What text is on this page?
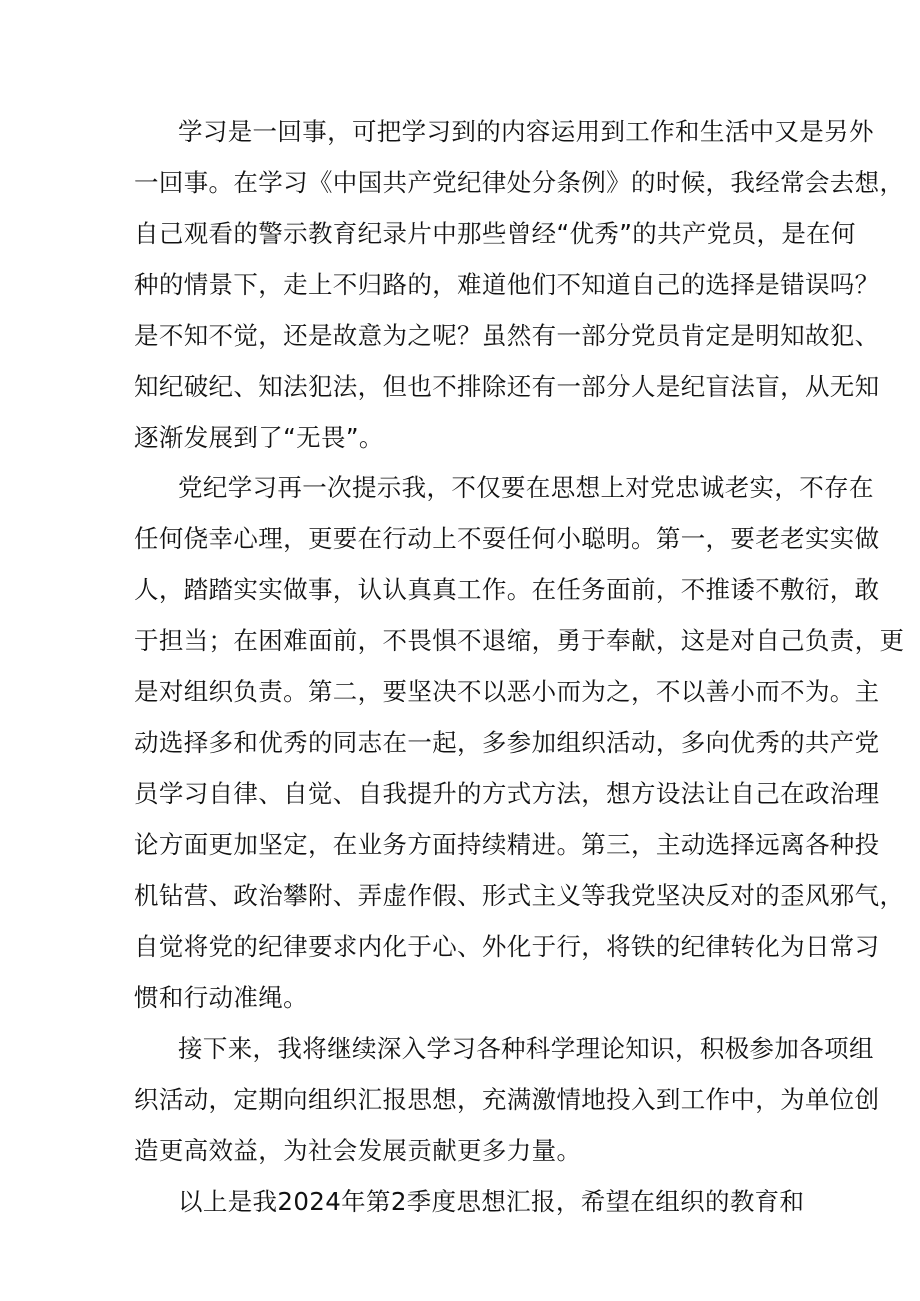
学习是一回事，可把学习到的内容运用到工作和生活中又是另外
一回事。在学习《中国共产党纪律处分条例》的时候，我经常会去想，
自己观看的警示教育纪录片中那些曾经“优秀”的共产党员，是在何
种的情景下，走上不归路的，难道他们不知道自己的选择是错误吗？
是不知不觉，还是故意为之呢？虽然有一部分党员肯定是明知故犯、
知纪破纪、知法犯法，但也不排除还有一部分人是纪盲法盲，从无知
逐渐发展到了“无畏”。
党纪学习再一次提示我，不仅要在思想上对党忠诚老实，不存在
任何侥幸心理，更要在行动上不耍任何小聪明。第一，要老老实实做
人，踏踏实实做事，认认真真工作。在任务面前，不推诿不敷衍，敢
于担当；在困难面前，不畏惧不退缩，勇于奉献，这是对自己负责，更
是对组织负责。第二，要坚决不以恶小而为之，不以善小而不为。主
动选择多和优秀的同志在一起，多参加组织活动，多向优秀的共产党
员学习自律、自觉、自我提升的方式方法，想方设法让自己在政治理
论方面更加坚定，在业务方面持续精进。第三，主动选择远离各种投
机钻营、政治攀附、弄虚作假、形式主义等我党坚决反对的歪风邪气，
自觉将党的纪律要求内化于心、外化于行，将铁的纪律转化为日常习
惯和行动准绳。
接下来，我将继续深入学习各种科学理论知识，积极参加各项组
织活动，定期向组织汇报思想，充满激情地投入到工作中，为单位创
造更高效益，为社会发展贡献更多力量。
以上是我2024年第2季度思想汇报，希望在组织的教育和
